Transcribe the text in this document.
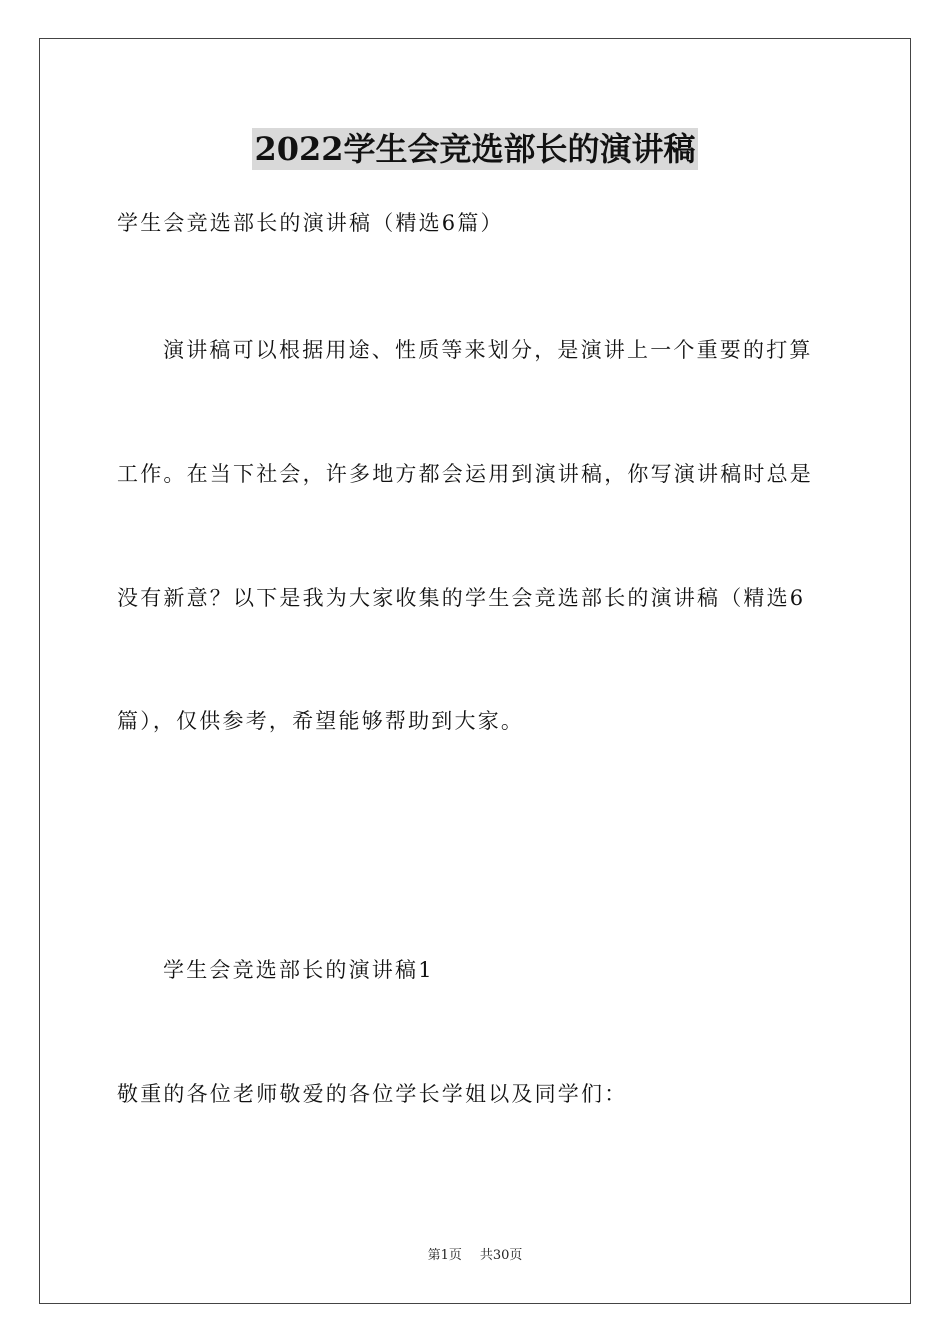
2022学生会竞选部长的演讲稿
学生会竞选部长的演讲稿（精选6篇）
演讲稿可以根据用途、性质等来划分，是演讲上一个重要的打算
工作。在当下社会，许多地方都会运用到演讲稿，你写演讲稿时总是
没有新意？以下是我为大家收集的学生会竞选部长的演讲稿（精选6
篇），仅供参考，希望能够帮助到大家。
学生会竞选部长的演讲稿1
敬重的各位老师敬爱的各位学长学姐以及同学们：
第1页 共30页
